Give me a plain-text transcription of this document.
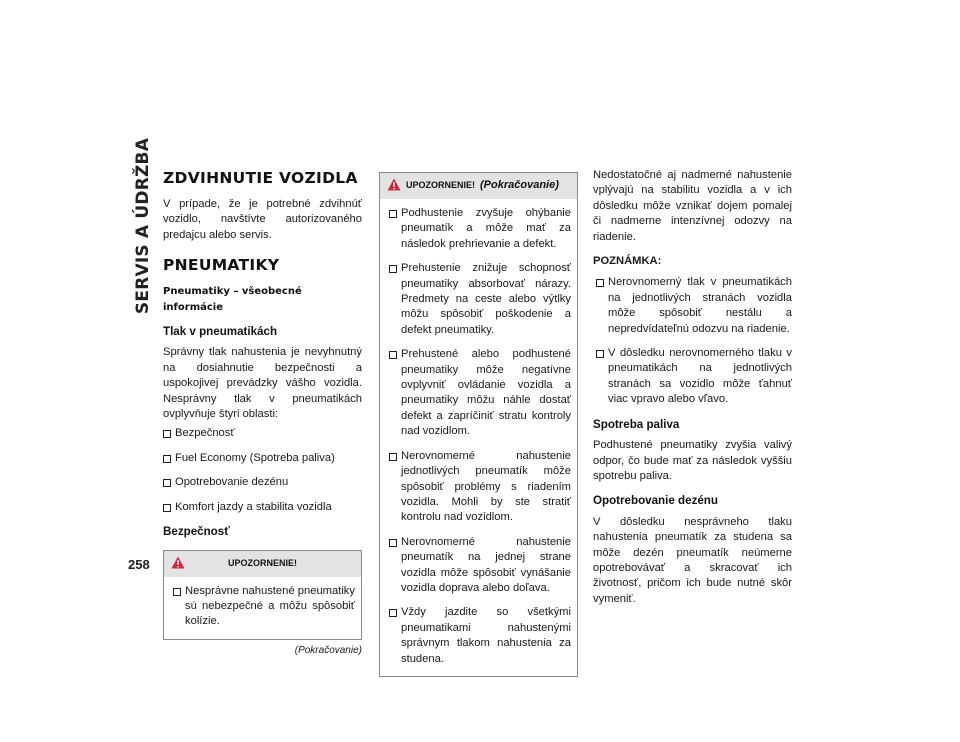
SERVIS A ÚDRŽBA
258
ZDVIHNUTIE VOZIDLA

V prípade, že je potrebné zdvihnúť vozidlo, navštívte autorizovaného predajcu alebo servis.

PNEUMATIKY
Pneumatiky – všeobecné informácie
Tlak v pneumatikách

Správny tlak nahustenia je nevyhnutný na dosiahnutie bezpečnosti a uspokojivej prevádzky vášho vozidla. Nesprávny tlak v pneumatikách ovplyvňuje štyri oblasti:

Bezpečnosť
Fuel Economy (Spotreba paliva)
Opotrebovanie dezénu
Komfort jazdy a stabilita vozidla
Bezpečnosť
UPOZORNENIE!
Nesprávne nahustené pneumatiky sú nebezpečné a môžu spôsobiť kolízie.
(Pokračovanie)
UPOZORNENIE! (Pokračovanie)
Podhustenie zvyšuje ohýbanie pneumatík a môže mať za následok prehrievanie a defekt.
Prehustenie znižuje schopnosť pneumatiky absorbovať nárazy. Predmety na ceste alebo výtlky môžu spôsobiť poškodenie a defekt pneumatiky.
Prehustené alebo podhustené pneumatiky môže negatívne ovplyvniť ovládanie vozidla a pneumatiky môžu náhle dostať defekt a zapríčiniť stratu kontroly nad vozidlom.
Nerovnomerné nahustenie jednotlivých pneumatík môže spôsobiť problémy s riadením vozidla. Mohli by ste stratiť kontrolu nad vozidlom.
Nerovnomerné nahustenie pneumatík na jednej strane vozidla môže spôsobiť vynášanie vozidla doprava alebo doľava.
Vždy jazdite so všetkými pneumatikami nahustenými správnym tlakom nahustenia za studena.

Nedostatočné aj nadmerné nahustenie vplývajú na stabilitu vozidla a v ich dôsledku môže vznikať dojem pomalej či nadmerne intenzívnej odozvy na riadenie.

POZNÁMKA:
Nerovnomerný tlak v pneumatikách na jednotlivých stranách vozidla môže spôsobiť nestálu a nepredvídateľnú odozvu na riadenie.
V dôsledku nerovnomerného tlaku v pneumatikách na jednotlivých stranách sa vozidlo môže ťahnuť viac vpravo alebo vľavo.
Spotreba paliva

Podhustené pneumatiky zvyšia valivý odpor, čo bude mať za následok vyššiu spotrebu paliva.

Opotrebovanie dezénu

V dôsledku nesprávneho tlaku nahustenia pneumatík za studena sa môže dezén pneumatík neúmerne opotrebovávať a skracovať ich životnosť, pričom ich bude nutné skôr vymeniť.
